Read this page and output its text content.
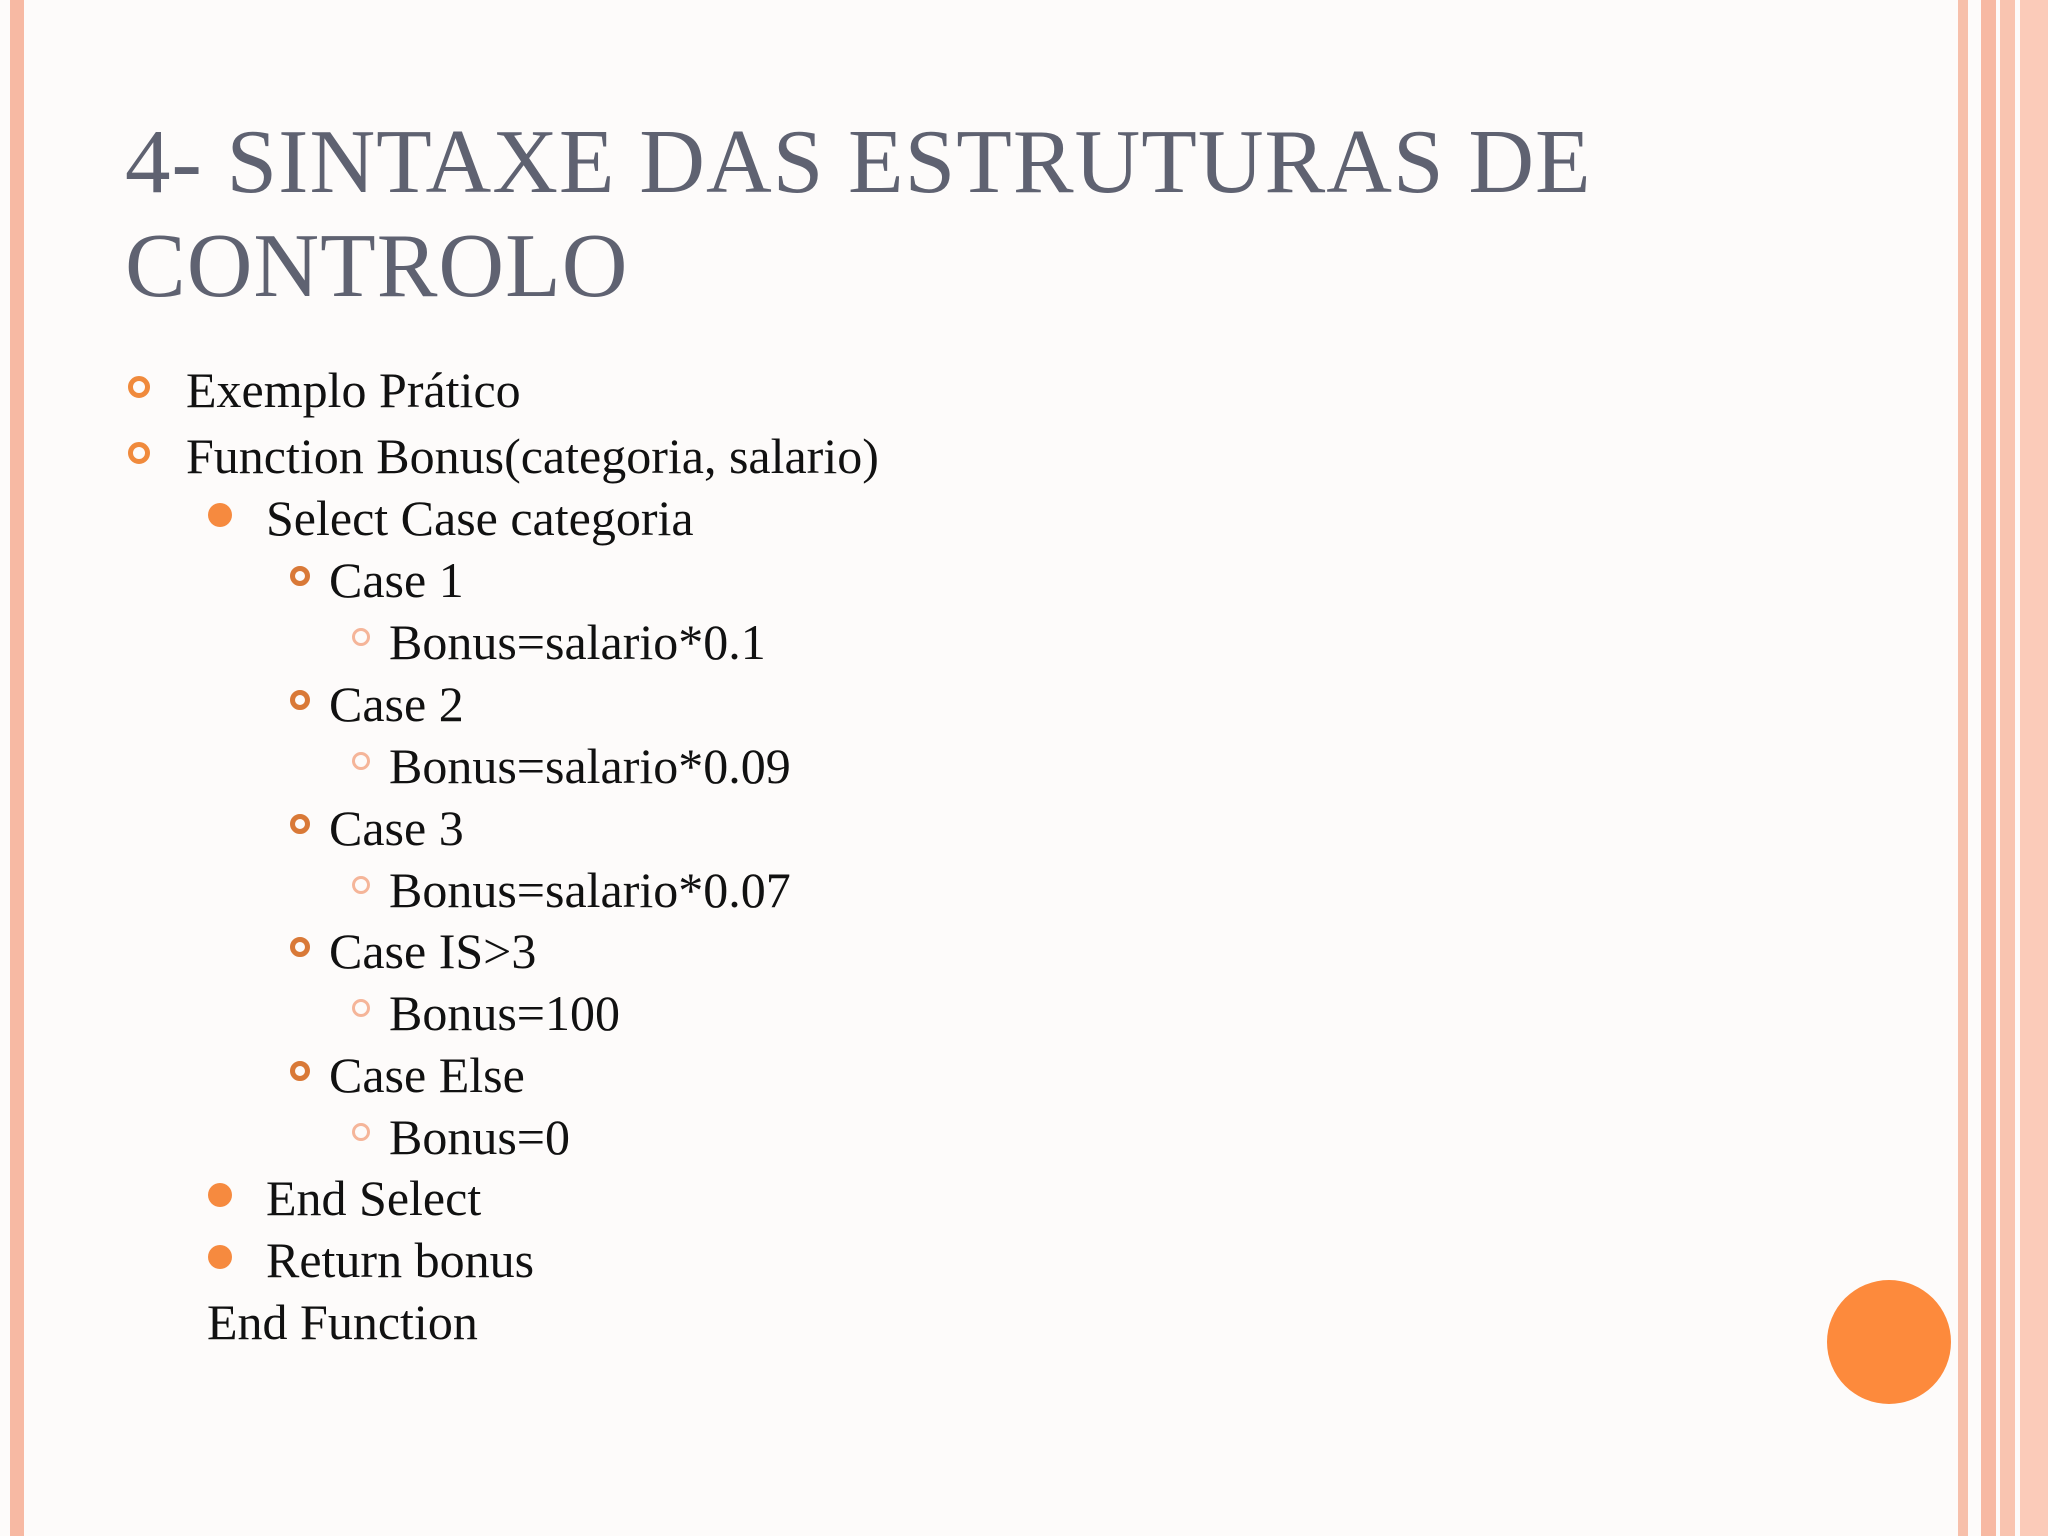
4- SINTAXE DAS ESTRUTURAS DE CONTROLO
Exemplo Prático
Function Bonus(categoria, salario)
Select Case categoria
Case 1
Bonus=salario*0.1
Case 2
Bonus=salario*0.09
Case 3
Bonus=salario*0.07
Case IS>3
Bonus=100
Case Else
Bonus=0
End Select
Return bonus
End Function
